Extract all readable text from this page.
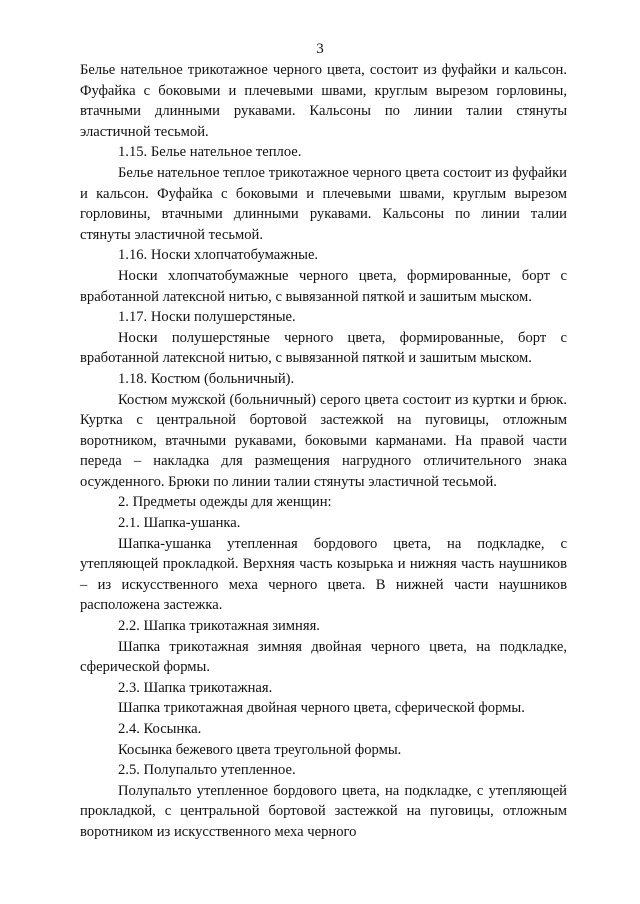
3

Белье нательное трикотажное черного цвета, состоит из фуфайки и кальсон. Фуфайка с боковыми и плечевыми швами, круглым вырезом горловины, втачными длинными рукавами. Кальсоны по линии талии стянуты эластичной тесьмой.

1.15. Белье нательное теплое.

Белье нательное теплое трикотажное черного цвета состоит из фуфайки и кальсон. Фуфайка с боковыми и плечевыми швами, круглым вырезом горловины, втачными длинными рукавами. Кальсоны по линии талии стянуты эластичной тесьмой.

1.16. Носки хлопчатобумажные.

Носки хлопчатобумажные черного цвета, формированные, борт с вработанной латексной нитью, с вывязанной пяткой и зашитым мыском.

1.17. Носки полушерстяные.

Носки полушерстяные черного цвета, формированные, борт с вработанной латексной нитью, с вывязанной пяткой и зашитым мыском.

1.18. Костюм (больничный).

Костюм мужской (больничный) серого цвета состоит из куртки и брюк. Куртка с центральной бортовой застежкой на пуговицы, отложным воротником, втачными рукавами, боковыми карманами. На правой части переда – накладка для размещения нагрудного отличительного знака осужденного. Брюки по линии талии стянуты эластичной тесьмой.

2. Предметы одежды для женщин:

2.1. Шапка-ушанка.

Шапка-ушанка утепленная бордового цвета, на подкладке, с утепляющей прокладкой. Верхняя часть козырька и нижняя часть наушников – из искусственного меха черного цвета. В нижней части наушников расположена застежка.

2.2. Шапка трикотажная зимняя.

Шапка трикотажная зимняя двойная черного цвета, на подкладке, сферической формы.

2.3. Шапка трикотажная.

Шапка трикотажная двойная черного цвета, сферической формы.

2.4. Косынка.

Косынка бежевого цвета треугольной формы.

2.5. Полупальто утепленное.

Полупальто утепленное бордового цвета, на подкладке, с утепляющей прокладкой, с центральной бортовой застежкой на пуговицы, отложным воротником из искусственного меха черного
